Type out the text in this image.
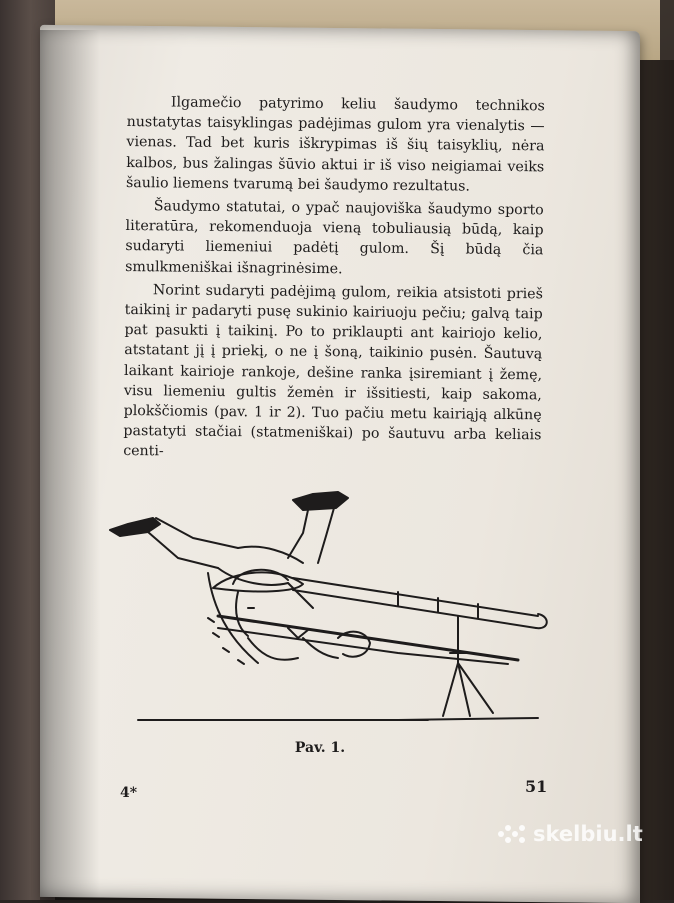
Ilgamečio patyrimo keliu šaudymo technikos nustatytas taisyklingas padėjimas gulom yra vienalytis — vienas. Tad bet kuris iškrypimas iš šių taisyklių, nėra kalbos, bus žalingas šūvio aktui ir iš viso neigiamai veiks šaulio liemens tvarumą bei šaudymo rezultatus.

Šaudymo statutai, o ypač naujoviška šaudymo sporto literatūra, rekomenduoja vieną tobuliausią būdą, kaip sudaryti liemeniui padėtį gulom. Šį būdą čia smulkmeniškai išnagrinėsime.

Norint sudaryti padėjimą gulom, reikia atsistoti prieš taikinį ir padaryti pusę sukinio kairiuoju pečiu; galvą taip pat pasukti į taikinį. Po to priklaupti ant kairiojo kelio, atstatant jį į priekį, o ne į šoną, taikinio pusėn. Šautuvą laikant kairioje rankoje, dešine ranka įsiremiant į žemę, visu liemeniu gultis žemėn ir išsitiesti, kaip sakoma, plokščiomis (pav. 1 ir 2). Tuo pačiu metu kairiąją alkūnę pastatyti stačiai (statmeniškai) po šautuvu arba keliais centi-

Pav. 1.
4*	51
skelbiu.lt
